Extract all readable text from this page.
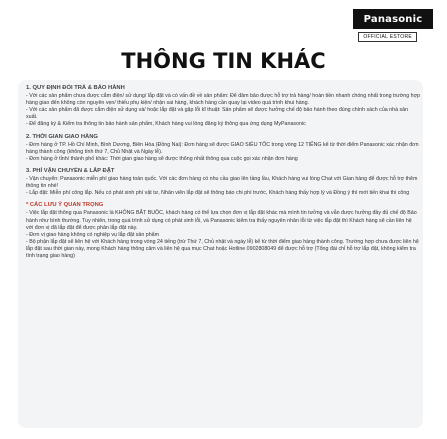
Panasonic
OFFICIAL ESTORE
THÔNG TIN KHÁC
1. QUY ĐỊNH ĐỔI TRẢ & BẢO HÀNH

- Với các sản phẩm chưa được cắm điện/ sử dụng/ lắp đặt và có vấn đề về sản phẩm: Để đảm bảo được hỗ trợ trả hàng/ hoàn tiền nhanh chóng nhất trong trường hợp hàng giao đến không còn nguyên vẹn/ thiếu phụ kiện/ nhận sai hàng, khách hàng cần quay lại video quá trình khui hàng.

- Với các sản phẩm đã được cắm điện sử dụng và/ hoặc lắp đặt và gặp lỗi kĩ thuật: Sản phẩm sẽ được hưởng chế độ bảo hành theo đúng chính sách của nhà sản xuất.

- Để đăng ký & Kiểm tra thông tin bảo hành sản phẩm, Khách hàng vui lòng đăng ký thông qua ứng dụng MyPanasonic

2. THỜI GIAN GIAO HÀNG

- Đơn hàng ở TP. Hồ Chí Minh, Bình Dương, Biên Hòa (Đồng Nai): Đơn hàng sẽ được GIAO SIÊU TỐC trong vòng 12 TIẾNG kể từ thời điểm Panasonic xác nhận đơn hàng thành công (không tính thứ 7, Chủ Nhật và Ngày lễ).

- Đơn hàng ở tỉnh/ thành phố khác: Thời gian giao hàng sẽ được thông nhất thông qua cuộc gọi xác nhận đơn hàng

3. PHÍ VẬN CHUYỂN & LẮP ĐẶT

- Vận chuyển: Panasonic miễn phí giao hàng toàn quốc. Với các đơn hàng có nhu cầu giao lên tầng lầu, Khách hàng vui lòng Chat với Gian hàng để được hỗ trợ thêm thông tin nhé!

- Lắp đặt: Miễn phí công lắp. Nếu có phát sinh phí vật tư, Nhân viên lắp đặt sẽ thông báo chi phí trước, Khách hàng thấy hợp lý và Đồng ý thì mới tiến khai thi công

* CÁC LƯU Ý QUAN TRỌNG

- Việc lắp đặt thông qua Panasonic là KHÔNG BẮT BUỘC, khách hàng có thể lựa chọn đơn vị lắp đặt khác mà mình tin tưởng và vẫn được hưởng đầy đủ chế độ Bảo hành như bình thường. Tuy nhiên, trong quá trình sử dụng có phát sinh lỗi, và Panasonic kiểm tra thấy nguyên nhân lỗi từ việc lắp đặt thì Khách hàng sẽ cần liên hệ với đơn vị đã lắp đặt để được phản lắp đặt này.

- Đơn vị giao hàng không có nghiệp vụ lắp đặt sản phẩm

- Bộ phận lắp đặt sẽ liên hệ với Khách hàng trong vòng 24 tiếng (trừ Thứ 7, Chủ nhật và ngày lễ) kể từ thời điểm giao hàng thành công. Trường hợp chưa được liên hệ lắp đặt sau thời gian này, mong Khách hàng thông cảm và liên hệ qua mục Chat hoặc Hotline 0902808049 để được hỗ trợ (Tổng đài chỉ hỗ trợ lắp đặt, không kiểm tra tình trạng giao hàng)
